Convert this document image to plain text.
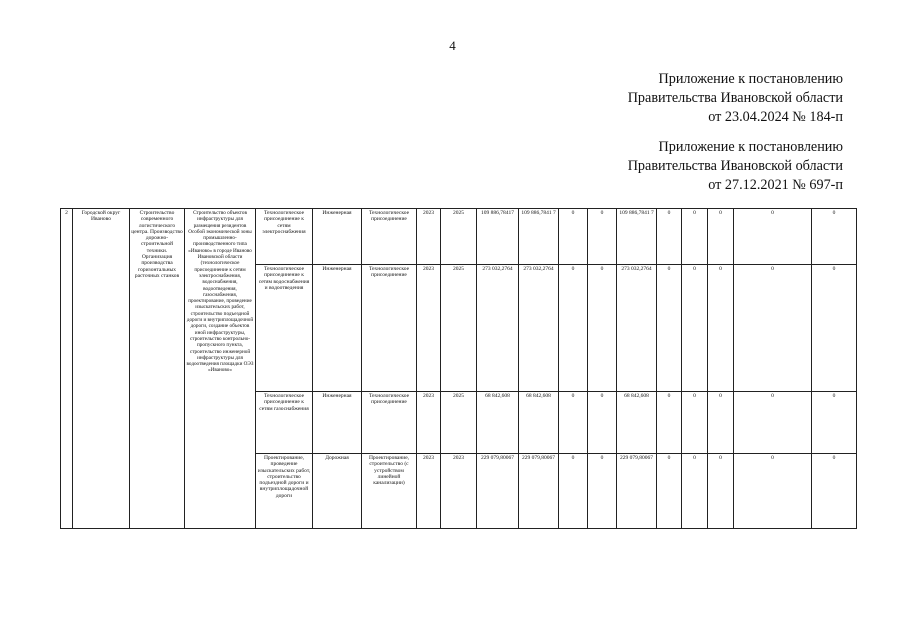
4
Приложение к постановлению
Правительства Ивановской области
от 23.04.2024 № 184-п
Приложение к постановлению
Правительства Ивановской области
от 27.12.2021 № 697-п
2	Городской округ Иваново	Строительство современного логистического центра. Производство дорожно-строительной техники. Организация производства горизонтальных расточных станков	Строительство объектов инфраструктуры для размещения резидентов Особой экономической зоны промышленно-производственного типа «Иваново» в городе Иваново Ивановской области (технологическое присоединение к сетям электроснабжения, водоснабжения, водоотведения, газоснабжения, проектирование, проведение изыскательских работ, строительство подъездной дороги и внутриплощадочной дороги, создание объектов иной инфраструктуры, строительство контрольно-пропускного пункта, строительство инженерной инфраструктуры для водоотведения площадки ОЭЗ «Иваново»	Технологическое присоединение к сетям электроснабжения	Инженерная	Технологическое присоединение	2023	2025	109 886,78417	109 886,7841 7	0	0	109 886,7841 7	0	0	0	0	0
				Технологическое присоединение к сетям водоснабжения и водоотведения	Инженерная	Технологическое присоединение	2023	2025	273 032,2764	273 032,2764	0	0	273 032,2764	0	0	0	0	0
				Технологическое присоединение к сетям газоснабжения	Инженерная	Технологическое присоединение	2023	2025	68 842,608	68 842,608	0	0	68 842,608	0	0	0	0	0
				Проектирование, проведение изыскательских работ, строительство подъездной дороги и внутриплощадочной дороги	Дорожная	Проектирование, строительство (с устройством линейной канализации)	2023	2023	229 079,80067	229 079,80067	0	0	229 079,80067	0	0	0	0	0
